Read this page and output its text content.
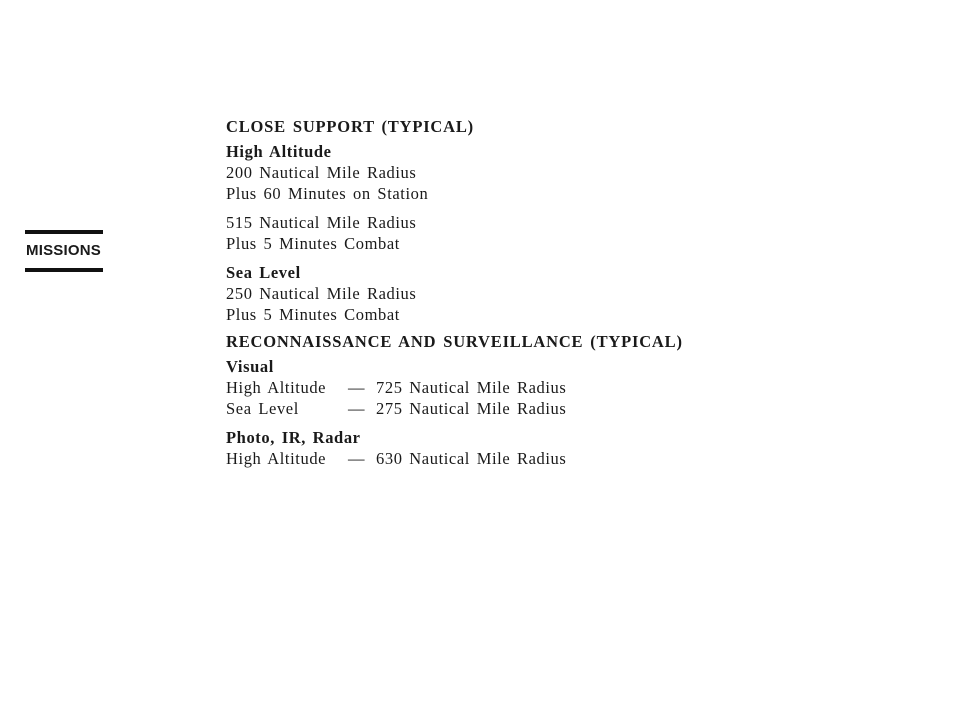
MISSIONS
CLOSE SUPPORT (TYPICAL)
High Altitude
200 Nautical Mile Radius
Plus 60 Minutes on Station
515 Nautical Mile Radius
Plus 5 Minutes Combat
Sea Level
250 Nautical Mile Radius
Plus 5 Minutes Combat
RECONNAISSANCE AND SURVEILLANCE (TYPICAL)
Visual
High Altitude	— 725 Nautical Mile Radius
Sea Level	— 275 Nautical Mile Radius
Photo, IR, Radar
High Altitude	— 630 Nautical Mile Radius
